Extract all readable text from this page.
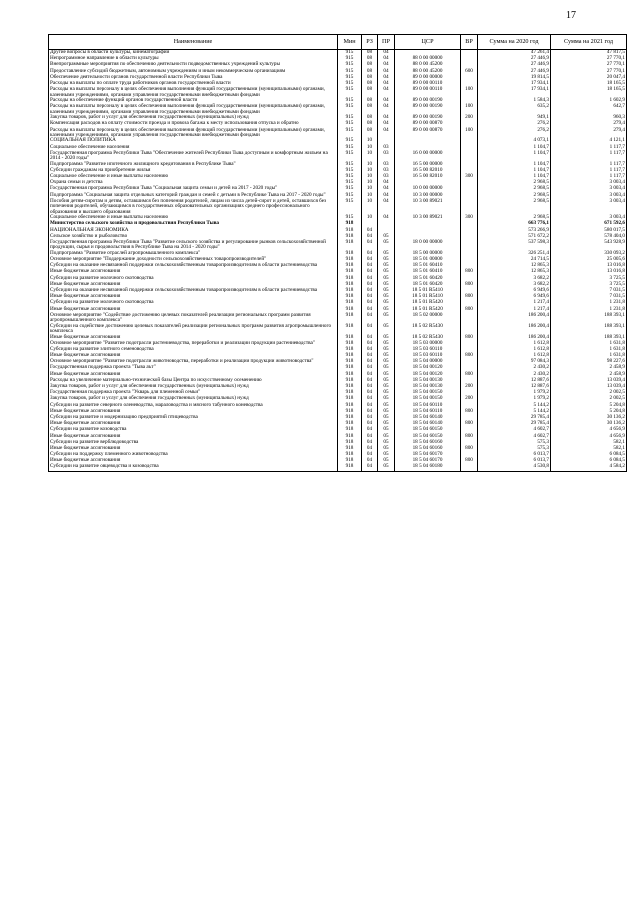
17
Наименование	Мин	РЗ	ПР	ЦСР	ВР	Сумма на 2020 год	Сумма на 2021 год
Другие вопросы в области культуры, кинематографии	915	08	04			47 261,4	47 817,5
Непрограммное направление в области культуры	915	08	04	88 0 00 00000		27 446,9	27 770,1
Внепрограммные мероприятия по обеспечению деятельности подведомственных учреждений культуры	915	08	04	88 0 00 45200		27 446,9	27 770,1
Предоставление субсидий бюджетным, автономным учреждениям и иным некоммерческим организациям	915	08	04	88 0 00 45200	600	27 446,9	27 770,1
Обеспечение деятельности органов государственной власти Республики Тыва	915	08	04	89 0 00 00000		19 814,5	20 047,4
Расходы на выплаты по оплате труда работников органов государственной власти	915	08	04	89 0 00 00110		17 934,1	18 165,5
Расходы на выплаты персоналу в целях обеспечения выполнения функций государственными (муниципальными) органами, казенными учреждениями, органами управления государственными внебюджетными фондами	915	08	04	89 0 00 00110	100	17 934,1	18 165,5
Расходы на обеспечение функций органов государственной власти	915	08	04	89 0 00 00190		1 584,3	1 602,9
Расходы на выплаты персоналу в целях обеспечения выполнения функций государственными (муниципальными) органами, казенными учреждениями, органами управления государственными внебюджетными фондами	915	08	04	89 0 00 00190	100	635,2	642,7
Закупка товаров, работ и услуг для обеспечения государственных (муниципальных) нужд	915	08	04	89 0 00 00190	200	949,1	960,3
Компенсация расходов на оплату стоимости проезда и провоза багажа к месту использования отпуска и обратно	915	08	04	89 0 00 00870		276,2	279,4
Расходы на выплаты персоналу в целях обеспечения выполнения функций государственными (муниципальными) органами, казенными учреждениями, органами управления государственными внебюджетными фондами	915	08	04	89 0 00 00870	100	276,2	279,4
СОЦИАЛЬНАЯ ПОЛИТИКА	915	10				4 073,1	4 121,1
Социальное обеспечение населения	915	10	03			1 104,7	1 117,7
Государственная программа Республики Тыва "Обеспечение жителей Республики Тыва доступным и комфортным жильем на 2014 - 2020 годы"	915	10	03	16 0 00 00000		1 104,7	1 117,7
Подпрограмма "Развитие ипотечного жилищного кредитования в Республике Тыва"	915	10	03	16 5 00 00000		1 104,7	1 117,7
Субсидии гражданам на приобретение жилья	915	10	03	16 5 00 82010		1 104,7	1 117,7
Социальное обеспечение и иные выплаты населению	915	10	03	16 5 00 82010	300	1 104,7	1 117,7
Охрана семьи и детства	915	10	04			2 968,5	3 003,4
Государственная программа Республики Тыва "Социальная защита семьи и детей на 2017 - 2020 годы"	915	10	04	10 0 00 00000		2 968,5	3 003,4
Подпрограмма "Социальная защита отдельных категорий граждан и семей с детьми в Республике Тыва на 2017 - 2020 годы"	915	10	04	10 3 00 00000		2 968,5	3 003,4
Пособия детям-сиротам и детям, оставшимся без попечения родителей, лицам из числа детей-сирот и детей, оставшихся без попечения родителей, обучающимся в государственных образовательных организациях среднего профессионального образования и высшего образования	915	10	04	10 3 00 89021		2 968,5	3 003,4
Социальное обеспечение и иные выплаты населению	915	10	04	10 3 00 89021	300	2 968,5	3 003,4
Министерство сельского хозяйства и продовольствия Республики Тыва	918					663 776,1	671 592,6
НАЦИОНАЛЬНАЯ ЭКОНОМИКА	918	04				573 266,9	580 017,5
Сельское хозяйство и рыболовство	918	04	05			571 672,2	578 404,0
Государственная программа Республики Тыва "Развитие сельского хозяйства и регулирование рынков сельскохозяйственной продукции, сырья и продовольствия в Республике Тыва на 2014 - 2020 годы"	918	04	05	18 0 00 00000		537 598,3	543 928,9
Подпрограмма "Развитие отраслей агропромышленного комплекса"	918	04	05	18 5 00 00000		326 251,4	330 093,2
Основное мероприятие "Поддержание доходности сельскохозяйственных товаропроизводителей"	918	04	05	18 5 01 00000		24 714,5	25 005,6
Субсидии на оказание несвязанной поддержки сельскохозяйственным товаропроизводителям в области растениеводства	918	04	05	18 5 01 60410		12 865,3	13 016,8
Иные бюджетные ассигнования	918	04	05	18 5 01 60410	800	12 865,3	13 016,8
Субсидии на развитие молочного скотоводства	918	04	05	18 5 01 60420		3 682,2	3 725,5
Иные бюджетные ассигнования	918	04	05	18 5 01 60420	800	3 682,2	3 725,5
Субсидии на оказание несвязанной поддержки сельскохозяйственным товаропроизводителям в области растениеводства	918	04	05	18 5 01 R5410		6 949,6	7 031,5
Иные бюджетные ассигнования	918	04	05	18 5 01 R5410	800	6 949,6	7 031,5
Субсидии на развитие молочного скотоводства	918	04	05	18 5 01 R5420		1 217,4	1 231,8
Иные бюджетные ассигнования	918	04	05	18 5 01 R5420	800	1 217,4	1 231,8
Основное мероприятие "Содействие достижению целевых показателей реализации региональных программ развития агропромышленного комплекса"	918	04	05	18 5 02 00000		186 200,4	188 393,1
Субсидии на содействие достижению целевых показателей реализации региональных программ развития агропромышленного комплекса	918	04	05	18 5 02 R5430		186 200,4	188 393,1
Иные бюджетные ассигнования	918	04	05	18 5 02 R5430	800	186 200,4	188 393,1
Основное мероприятие "Развитие подотрасли растениеводства, переработки и реализации продукции растениеводства"	918	04	05	18 5 03 00000		1 612,8	1 631,8
Субсидии на развитие элитного семеноводства	918	04	05	18 5 03 60110		1 612,8	1 631,8
Иные бюджетные ассигнования	918	04	05	18 5 03 60110	800	1 612,8	1 631,8
Основное мероприятие "Развитие подотрасли животноводства, переработки и реализации продукции животноводства"	918	04	05	18 5 04 00000		97 084,3	98 227,6
Государственная поддержка проекта "Тыва аът"	918	04	05	18 5 04 00120		2 430,2	2 458,9
Иные бюджетные ассигнования	918	04	05	18 5 04 00120	800	2 430,2	2 458,9
Расходы на увеличение материально-технической базы Центра по искусственному осеменению	918	04	05	18 5 04 00130		12 887,6	13 039,4
Закупка товаров, работ и услуг для обеспечения государственных (муниципальных) нужд	918	04	05	18 5 04 00130	200	12 887,6	13 039,4
Государственная поддержка проекта "Укварь для племенной семьи"	918	04	05	18 5 04 00150		1 979,2	2 002,5
Закупка товаров, работ и услуг для обеспечения государственных (муниципальных) нужд	918	04	05	18 5 04 00150	200	1 979,2	2 002,5
Субсидии на развитие северного оленеводства, мараловодства и мясного табунного коневодства	918	04	05	18 5 04 60110		5 144,2	5 204,8
Иные бюджетные ассигнования	918	04	05	18 5 04 60110	800	5 144,2	5 204,8
Субсидии на развитие и модернизацию предприятий птицеводства	918	04	05	18 5 04 60140		29 785,4	30 136,2
Иные бюджетные ассигнования	918	04	05	18 5 04 60140	800	29 785,4	30 136,2
Субсидии на развитие козоводства	918	04	05	18 5 04 60150		4 602,7	4 656,9
Иные бюджетные ассигнования	918	04	05	18 5 04 60150	800	4 602,7	4 656,9
Субсидии на развитие верблюдоводства	918	04	05	18 5 04 60160		575,3	582,1
Иные бюджетные ассигнования	918	04	05	18 5 04 60160	800	575,3	582,1
Субсидии на поддержку племенного животноводства	918	04	05	18 5 04 60170		6 013,7	6 084,5
Иные бюджетные ассигнования	918	04	05	18 5 04 60170	800	6 013,7	6 084,5
Субсидии на развитие овцеводства и козоводства	918	04	05	18 5 04 60180		4 530,8	4 584,2
